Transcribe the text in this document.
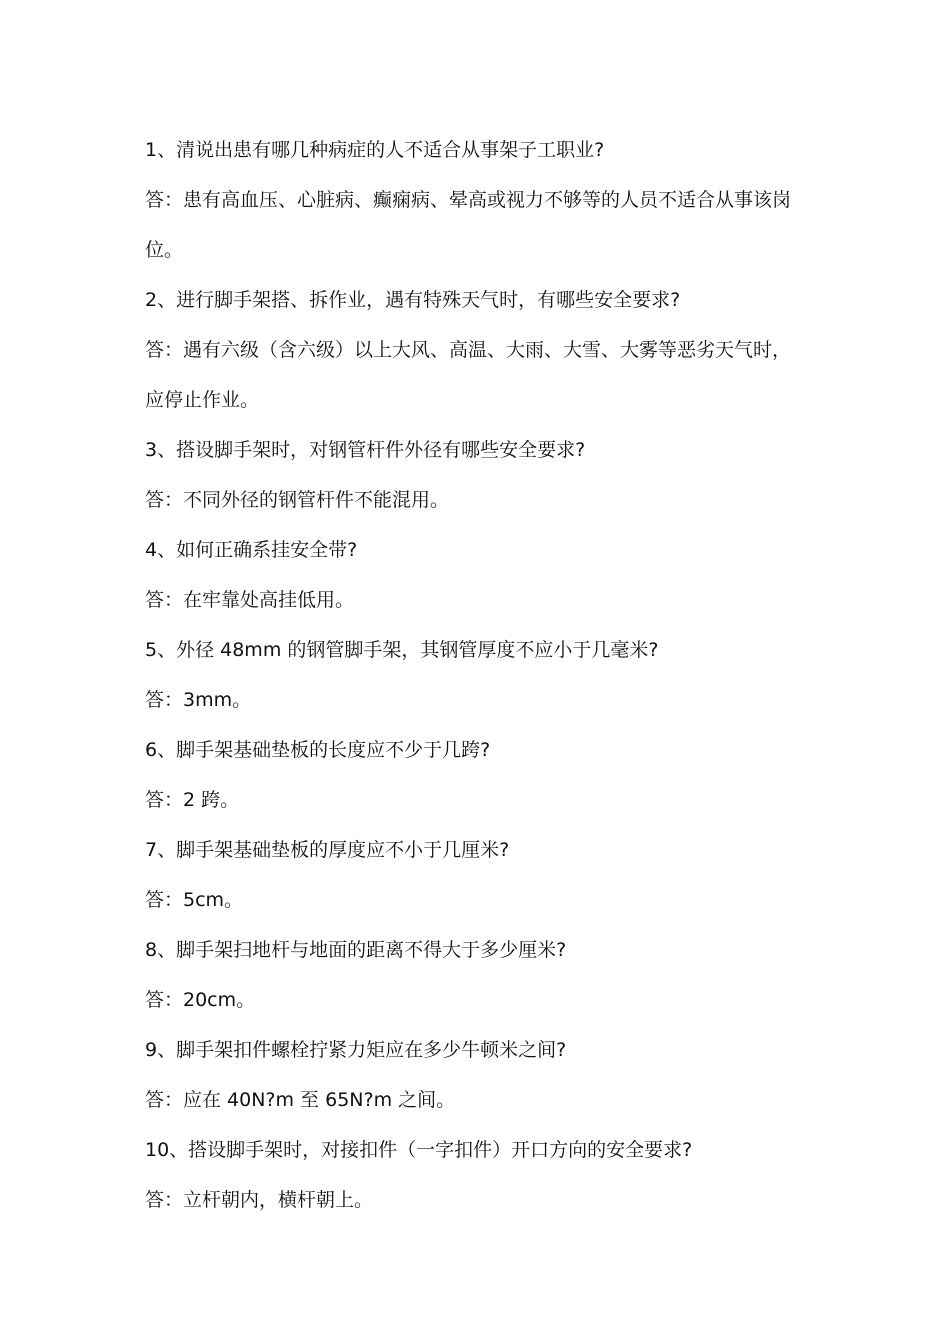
1、清说出患有哪几种病症的人不适合从事架子工职业?
答：患有高血压、心脏病、癫痫病、晕高或视力不够等的人员不适合从事该岗
位。
2、进行脚手架搭、拆作业，遇有特殊天气时，有哪些安全要求?
答：遇有六级（含六级）以上大风、高温、大雨、大雪、大雾等恶劣天气时，
应停止作业。
3、搭设脚手架时，对钢管杆件外径有哪些安全要求?
答：不同外径的钢管杆件不能混用。
4、如何正确系挂安全带?
答：在牢靠处高挂低用。
5、外径 48mm 的钢管脚手架，其钢管厚度不应小于几毫米?
答：3mm。
6、脚手架基础垫板的长度应不少于几跨?
答：2 跨。
7、脚手架基础垫板的厚度应不小于几厘米?
答：5cm。
8、脚手架扫地杆与地面的距离不得大于多少厘米?
答：20cm。
9、脚手架扣件螺栓拧紧力矩应在多少牛顿米之间?
答：应在 40N?m 至 65N?m 之间。
10、搭设脚手架时，对接扣件（一字扣件）开口方向的安全要求?
答：立杆朝内，横杆朝上。
